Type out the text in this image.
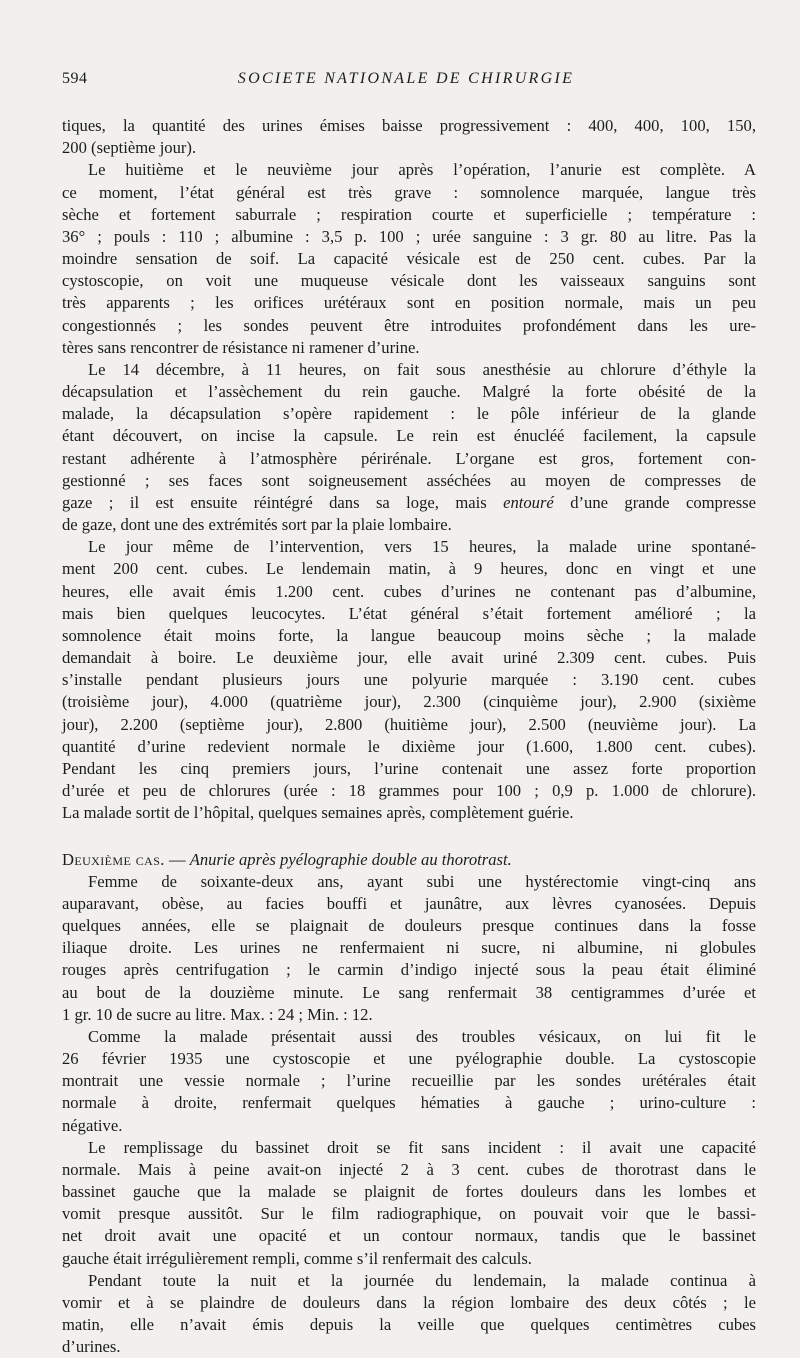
594	SOCIETE NATIONALE DE CHIRURGIE

tiques, la quantité des urines émises baisse progressivement : 400, 400, 100, 150,
200 (septième jour).

Le huitième et le neuvième jour après l’opération, l’anurie est complète. A
ce moment, l’état général est très grave : somnolence marquée, langue très
sèche et fortement saburrale ; respiration courte et superficielle ; température :
36° ; pouls : 110 ; albumine : 3,5 p. 100 ; urée sanguine : 3 gr. 80 au litre. Pas la
moindre sensation de soif. La capacité vésicale est de 250 cent. cubes. Par la
cystoscopie, on voit une muqueuse vésicale dont les vaisseaux sanguins sont
très apparents ; les orifices urétéraux sont en position normale, mais un peu
congestionnés ; les sondes peuvent être introduites profondément dans les ure-
tères sans rencontrer de résistance ni ramener d’urine.

Le 14 décembre, à 11 heures, on fait sous anesthésie au chlorure d’éthyle la
décapsulation et l’assèchement du rein gauche. Malgré la forte obésité de la
malade, la décapsulation s’opère rapidement : le pôle inférieur de la glande
étant découvert, on incise la capsule. Le rein est énucléé facilement, la capsule
restant adhérente à l’atmosphère périrénale. L’organe est gros, fortement con-
gestionné ; ses faces sont soigneusement asséchées au moyen de compresses de
gaze ; il est ensuite réintégré dans sa loge, mais entouré d’une grande compresse
de gaze, dont une des extrémités sort par la plaie lombaire.

Le jour même de l’intervention, vers 15 heures, la malade urine spontané-
ment 200 cent. cubes. Le lendemain matin, à 9 heures, donc en vingt et une
heures, elle avait émis 1.200 cent. cubes d’urines ne contenant pas d’albumine,
mais bien quelques leucocytes. L’état général s’était fortement amélioré ; la
somnolence était moins forte, la langue beaucoup moins sèche ; la malade
demandait à boire. Le deuxième jour, elle avait uriné 2.309 cent. cubes. Puis
s’installe pendant plusieurs jours une polyurie marquée : 3.190 cent. cubes
(troisième jour), 4.000 (quatrième jour), 2.300 (cinquième jour), 2.900 (sixième
jour), 2.200 (septième jour), 2.800 (huitième jour), 2.500 (neuvième jour). La
quantité d’urine redevient normale le dixième jour (1.600, 1.800 cent. cubes).
Pendant les cinq premiers jours, l’urine contenait une assez forte proportion
d’urée et peu de chlorures (urée : 18 grammes pour 100 ; 0,9 p. 1.000 de chlorure).
La malade sortit de l’hôpital, quelques semaines après, complètement guérie.

Deuxième cas. — Anurie après pyélographie double au thorotrast.

Femme de soixante-deux ans, ayant subi une hystérectomie vingt-cinq ans
auparavant, obèse, au facies bouffi et jaunâtre, aux lèvres cyanosées. Depuis
quelques années, elle se plaignait de douleurs presque continues dans la fosse
iliaque droite. Les urines ne renfermaient ni sucre, ni albumine, ni globules
rouges après centrifugation ; le carmin d’indigo injecté sous la peau était éliminé
au bout de la douzième minute. Le sang renfermait 38 centigrammes d’urée et
1 gr. 10 de sucre au litre. Max. : 24 ; Min. : 12.

Comme la malade présentait aussi des troubles vésicaux, on lui fit le
26 février 1935 une cystoscopie et une pyélographie double. La cystoscopie
montrait une vessie normale ; l’urine recueillie par les sondes urétérales était
normale à droite, renfermait quelques hématies à gauche ; urino-culture :
négative.

Le remplissage du bassinet droit se fit sans incident : il avait une capacité
normale. Mais à peine avait-on injecté 2 à 3 cent. cubes de thorotrast dans le
bassinet gauche que la malade se plaignit de fortes douleurs dans les lombes et
vomit presque aussitôt. Sur le film radiographique, on pouvait voir que le bassi-
net droit avait une opacité et un contour normaux, tandis que le bassinet
gauche était irrégulièrement rempli, comme s’il renfermait des calculs.

Pendant toute la nuit et la journée du lendemain, la malade continua à
vomir et à se plaindre de douleurs dans la région lombaire des deux côtés ; le
matin, elle n’avait émis depuis la veille que quelques centimètres cubes
d’urines.
